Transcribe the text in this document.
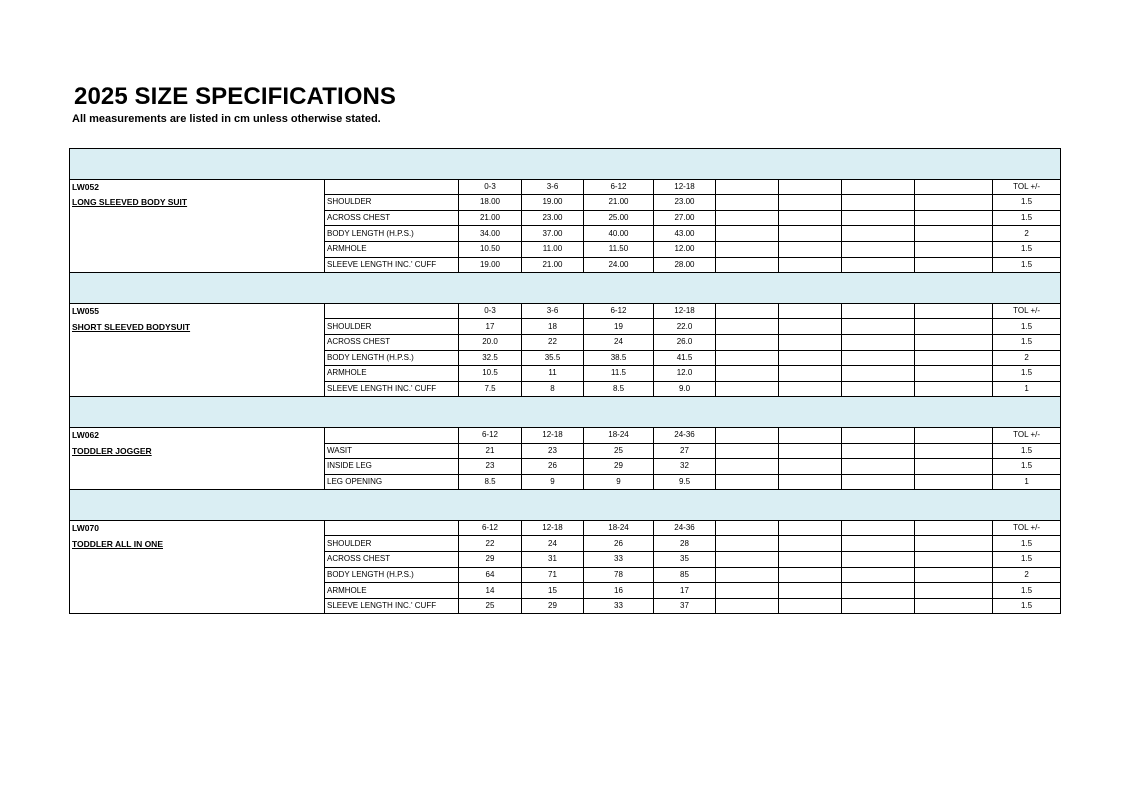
2025 SIZE SPECIFICATIONS

All measurements are listed in cm unless otherwise stated.

LW052		0-3	3-6	6-12	12-18					TOL +/-
LONG SLEEVED BODY SUIT	SHOULDER	18.00	19.00	21.00	23.00					1.5
	ACROSS CHEST	21.00	23.00	25.00	27.00					1.5
	BODY LENGTH (H.P.S.)	34.00	37.00	40.00	43.00					2
	ARMHOLE	10.50	11.00	11.50	12.00					1.5
	SLEEVE LENGTH INC.' CUFF	19.00	21.00	24.00	28.00					1.5

LW055		0-3	3-6	6-12	12-18					TOL +/-
SHORT SLEEVED BODYSUIT	SHOULDER	17	18	19	22.0					1.5
	ACROSS CHEST	20.0	22	24	26.0					1.5
	BODY LENGTH (H.P.S.)	32.5	35.5	38.5	41.5					2
	ARMHOLE	10.5	11	11.5	12.0					1.5
	SLEEVE LENGTH INC.' CUFF	7.5	8	8.5	9.0					1

LW062		6-12	12-18	18-24	24-36					TOL +/-
TODDLER JOGGER	WASIT	21	23	25	27					1.5
	INSIDE LEG	23	26	29	32					1.5
	LEG OPENING	8.5	9	9	9.5					1

LW070		6-12	12-18	18-24	24-36					TOL +/-
TODDLER ALL IN ONE	SHOULDER	22	24	26	28					1.5
	ACROSS CHEST	29	31	33	35					1.5
	BODY LENGTH (H.P.S.)	64	71	78	85					2
	ARMHOLE	14	15	16	17					1.5
	SLEEVE LENGTH INC.' CUFF	25	29	33	37					1.5
